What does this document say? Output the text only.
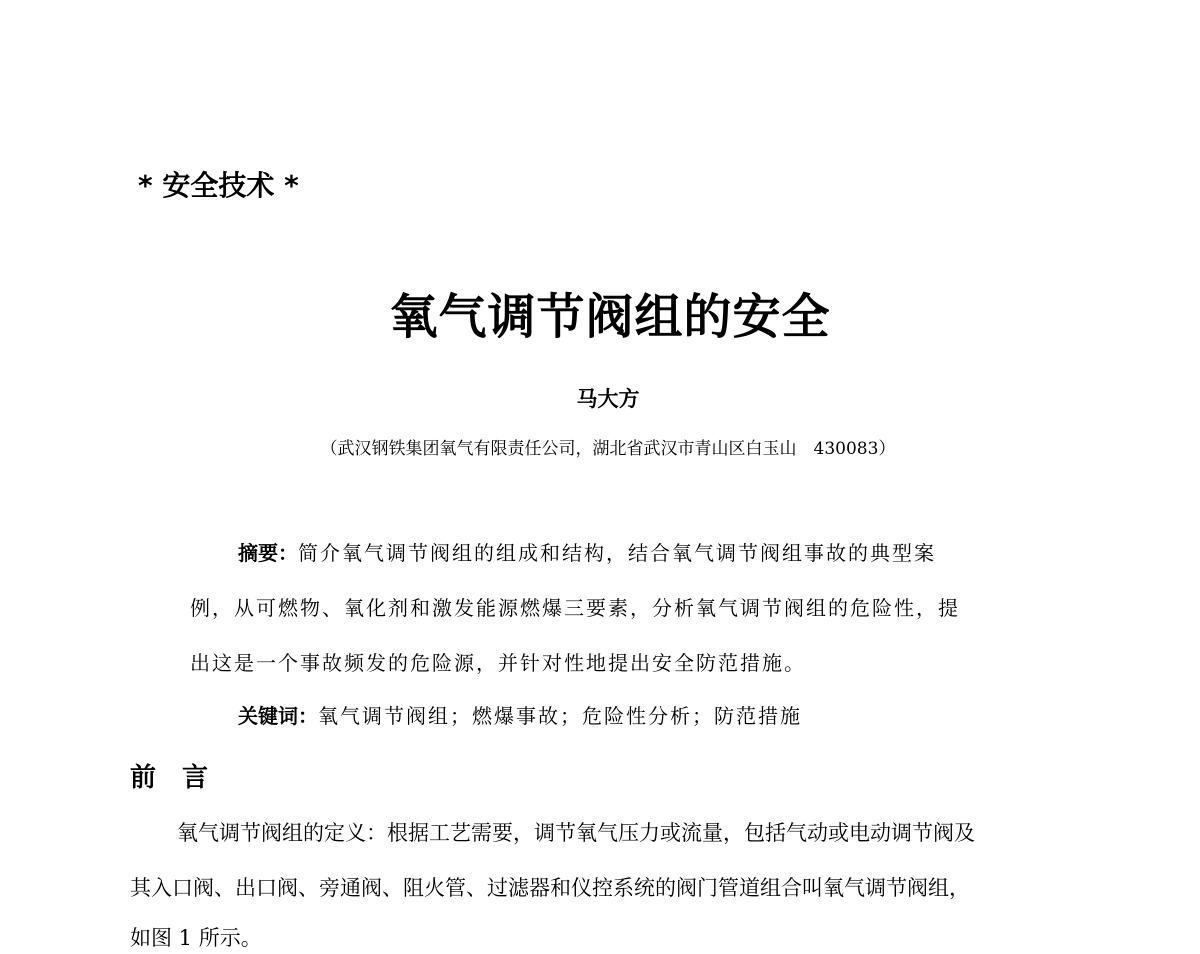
* 安全技术 *
氧气调节阀组的安全
马大方
（武汉钢铁集团氧气有限责任公司，湖北省武汉市青山区白玉山　430083）
摘要：简介氧气调节阀组的组成和结构，结合氧气调节阀组事故的典型案
例，从可燃物、氧化剂和激发能源燃爆三要素，分析氧气调节阀组的危险性，提
出这是一个事故频发的危险源，并针对性地提出安全防范措施。
关键词：氧气调节阀组；燃爆事故；危险性分析；防范措施
前 言
氧气调节阀组的定义：根据工艺需要，调节氧气压力或流量，包括气动或电动调节阀及
其入口阀、出口阀、旁通阀、阻火管、过滤器和仪控系统的阀门管道组合叫氧气调节阀组，
如图 1 所示。
